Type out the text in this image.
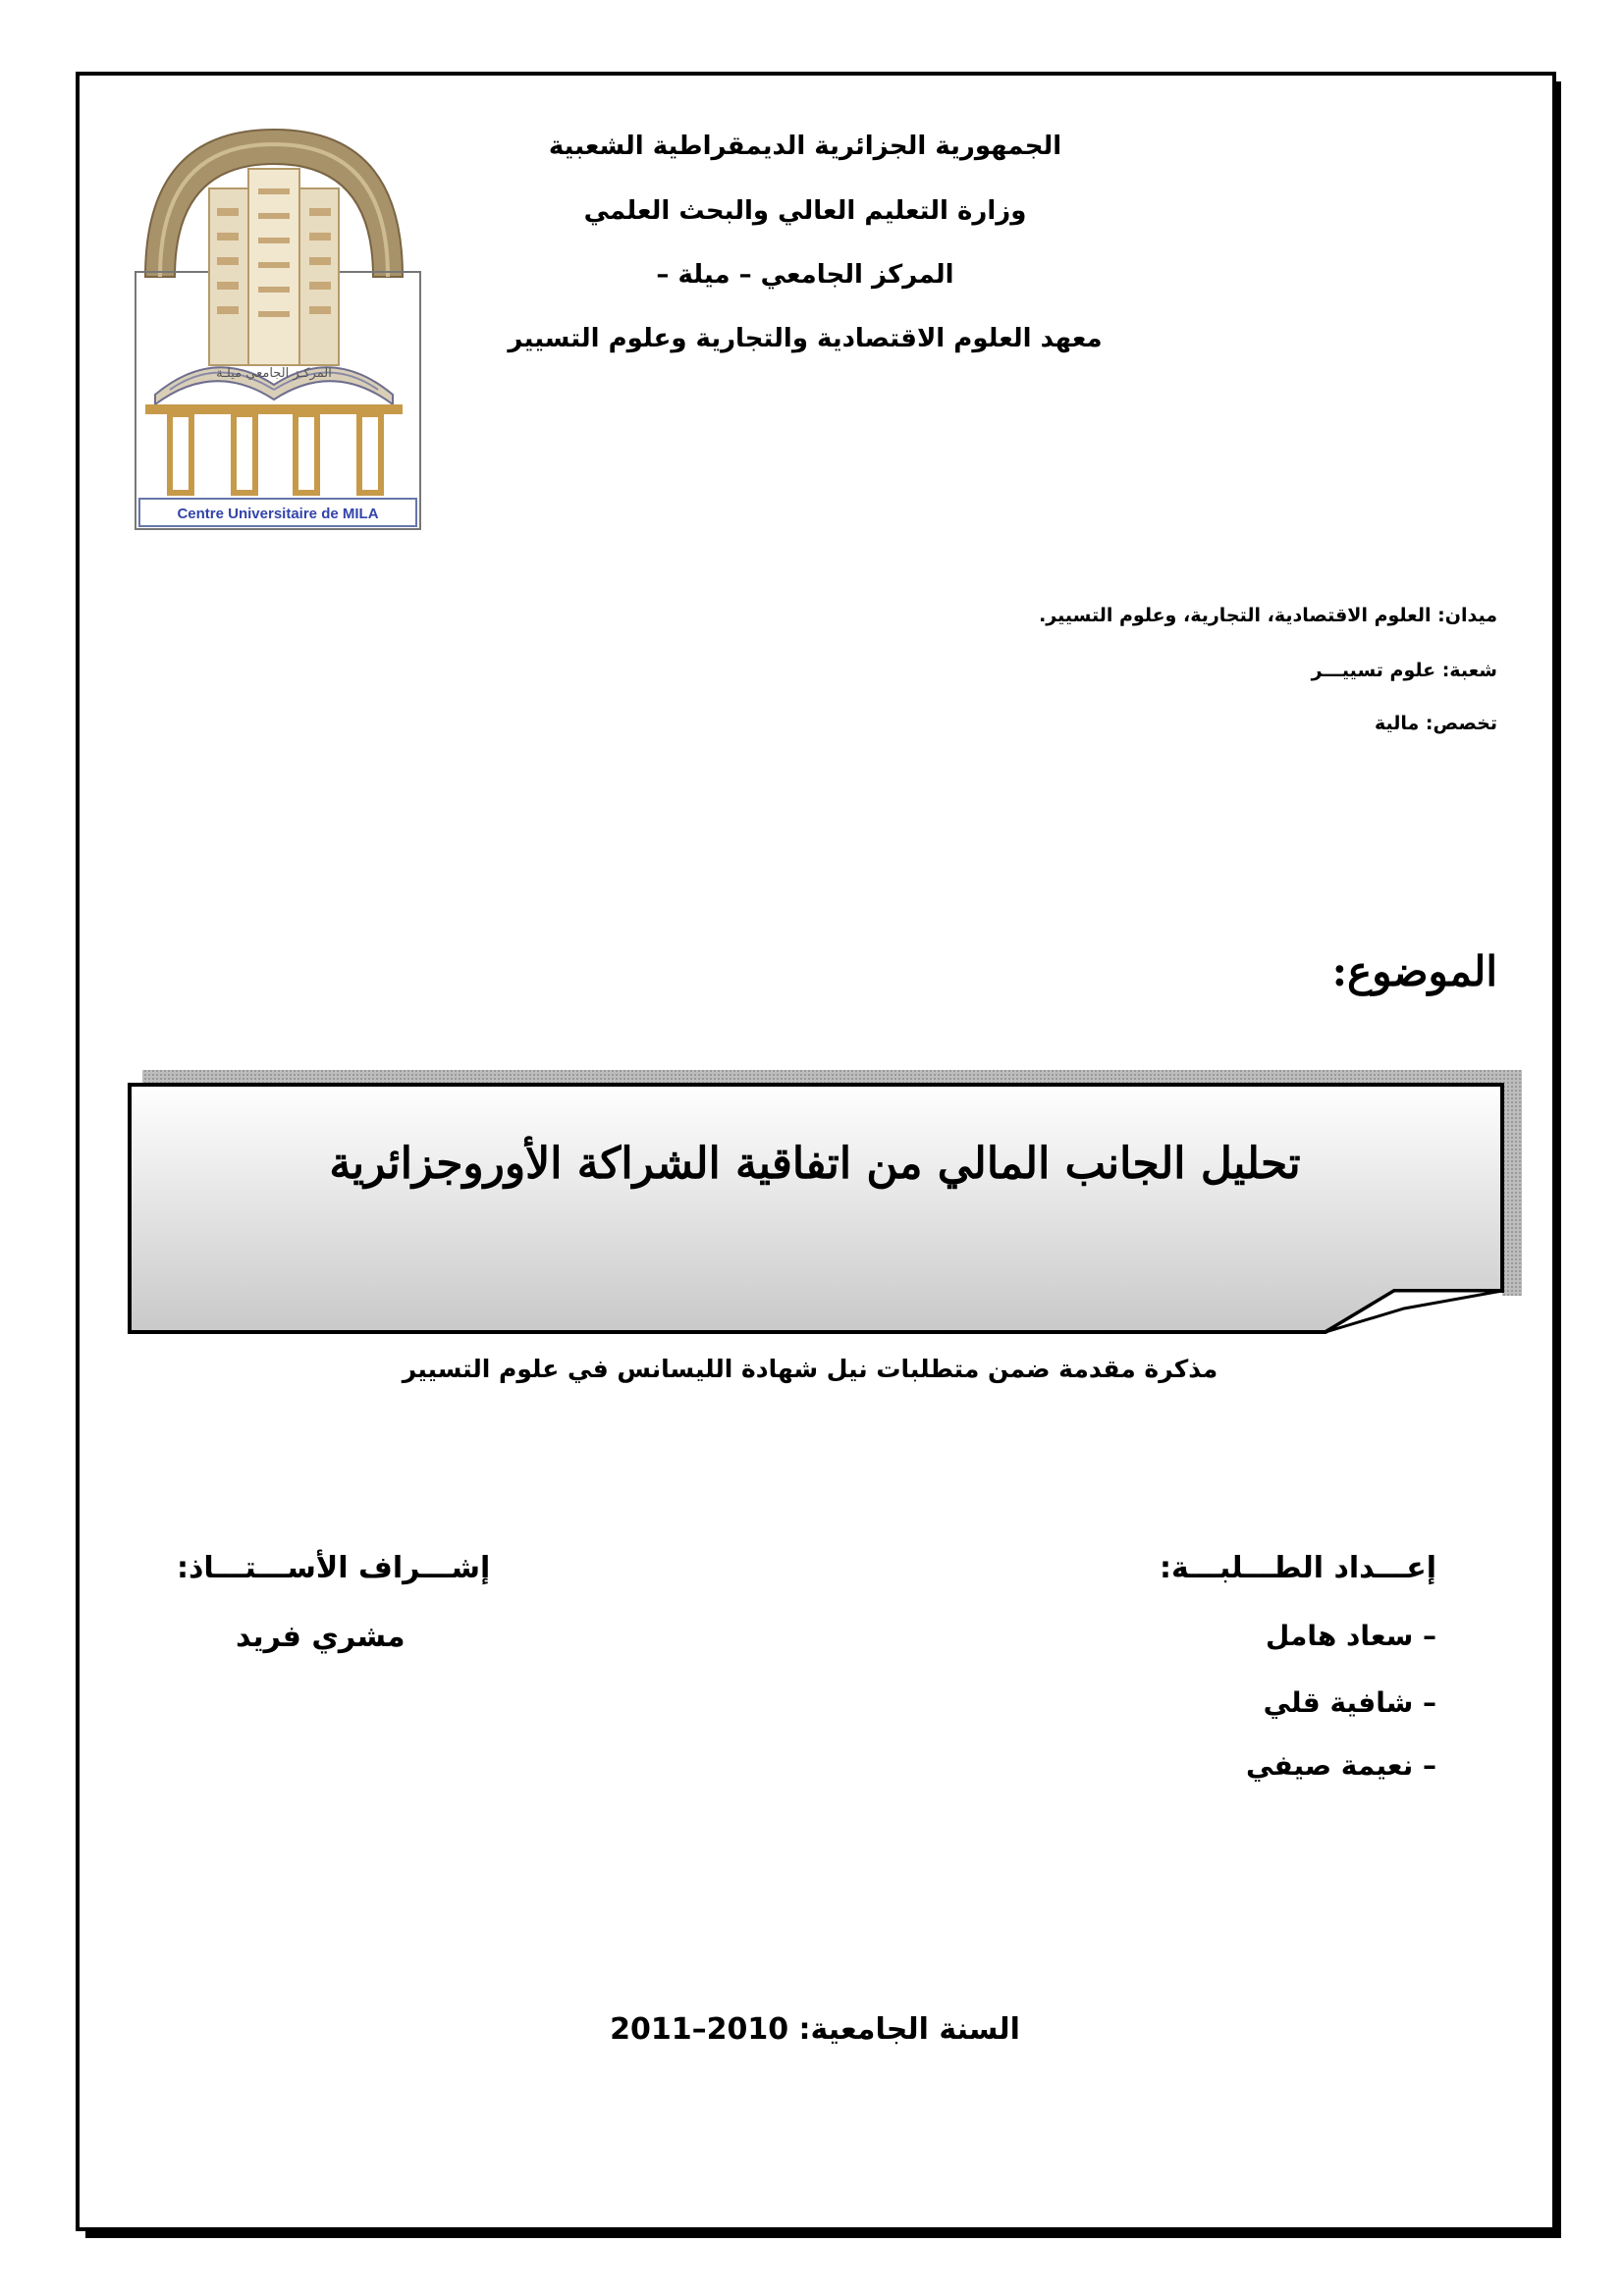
المركـز الجامعي ميلـة
Centre Universitaire de MILA
الجمهورية الجزائرية الديمقراطية الشعبية
وزارة التعليم العالي والبحث العلمي
المركز الجامعي – ميلة –
معهد العلوم الاقتصادية والتجارية وعلوم التسيير
ميدان: العلوم الاقتصادية، التجارية، وعلوم التسيير.
شعبة: علوم تسييـــر
تخصص: مالية
الموضوع:
تحليل الجانب المالي من اتفاقية الشراكة الأوروجزائرية
مذكرة مقدمة ضمن متطلبات نيل شهادة الليسانس في علوم التسيير
إعـــداد الطـــلبـــة:
– سعاد هامل
– شافية قلي
– نعيمة صيفي
إشـــراف الأســـتـــاذ:
مشري فريد
السنة الجامعية: 2010–2011
